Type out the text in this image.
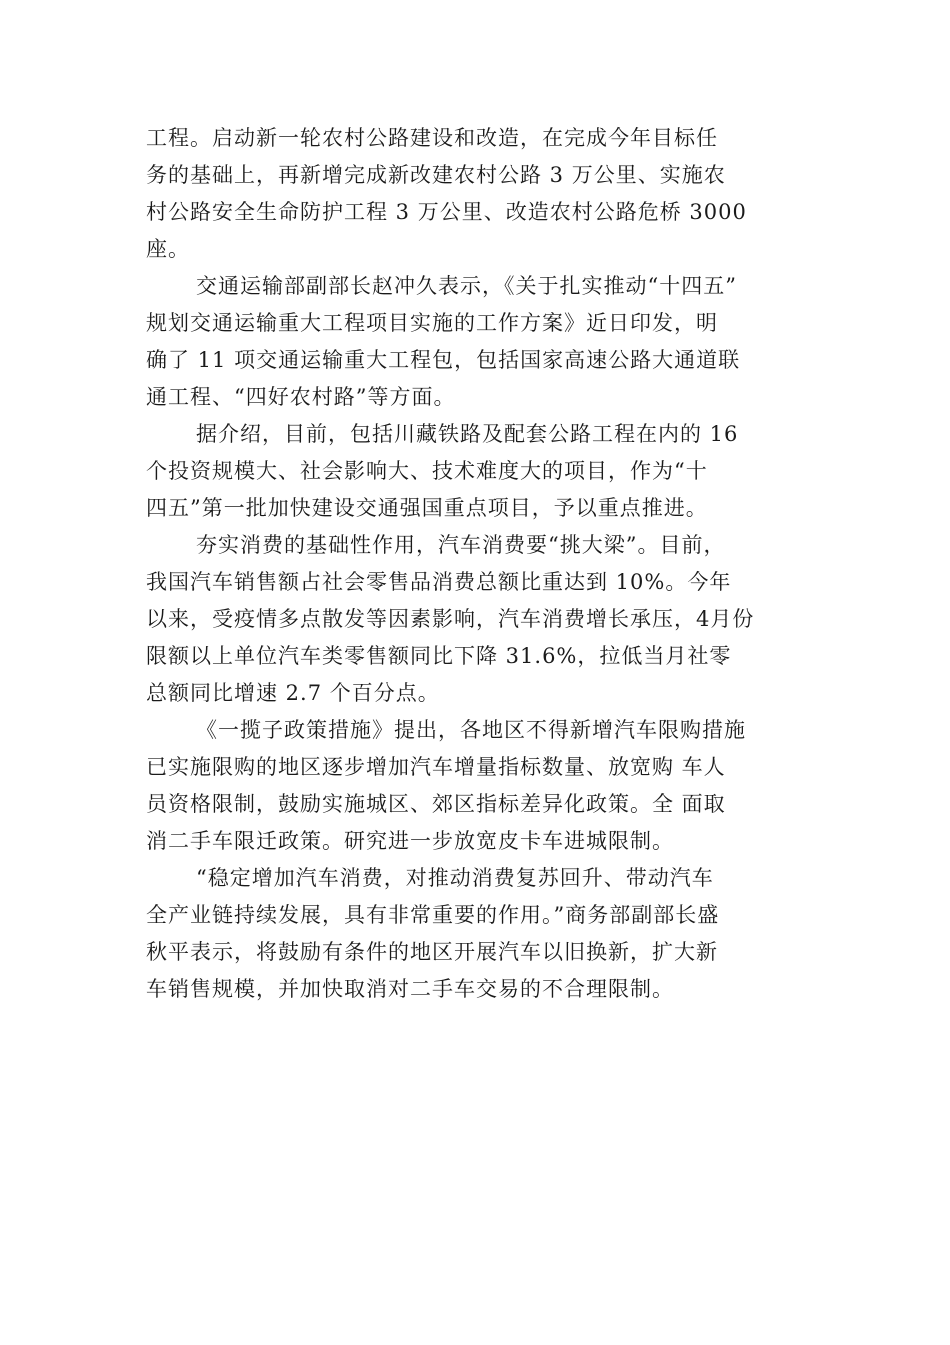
工程。启动新一轮农村公路建设和改造，在完成今年目标任
务的基础上，再新增完成新改建农村公路 3 万公里、实施农
村公路安全生命防护工程 3 万公里、改造农村公路危桥 3000
座。
交通运输部副部长赵冲久表示，《关于扎实推动“十四五”
规划交通运输重大工程项目实施的工作方案》近日印发，明
确了 11 项交通运输重大工程包，包括国家高速公路大通道联
通工程、“四好农村路”等方面。
据介绍，目前，包括川藏铁路及配套公路工程在内的 16
个投资规模大、社会影响大、技术难度大的项目，作为“十
四五”第一批加快建设交通强国重点项目，予以重点推进。
夯实消费的基础性作用，汽车消费要“挑大梁”。目前，
我国汽车销售额占社会零售品消费总额比重达到 10%。今年
以来，受疫情多点散发等因素影响，汽车消费增长承压，4月份
限额以上单位汽车类零售额同比下降 31.6%，拉低当月社零
总额同比增速 2.7 个百分点。
《一揽子政策措施》提出，各地区不得新增汽车限购措施
已实施限购的地区逐步增加汽车增量指标数量、放宽购 车人
员资格限制，鼓励实施城区、郊区指标差异化政策。全 面取
消二手车限迁政策。研究进一步放宽皮卡车进城限制。
“稳定增加汽车消费，对推动消费复苏回升、带动汽车
全产业链持续发展，具有非常重要的作用。”商务部副部长盛
秋平表示，将鼓励有条件的地区开展汽车以旧换新，扩大新
车销售规模，并加快取消对二手车交易的不合理限制。
